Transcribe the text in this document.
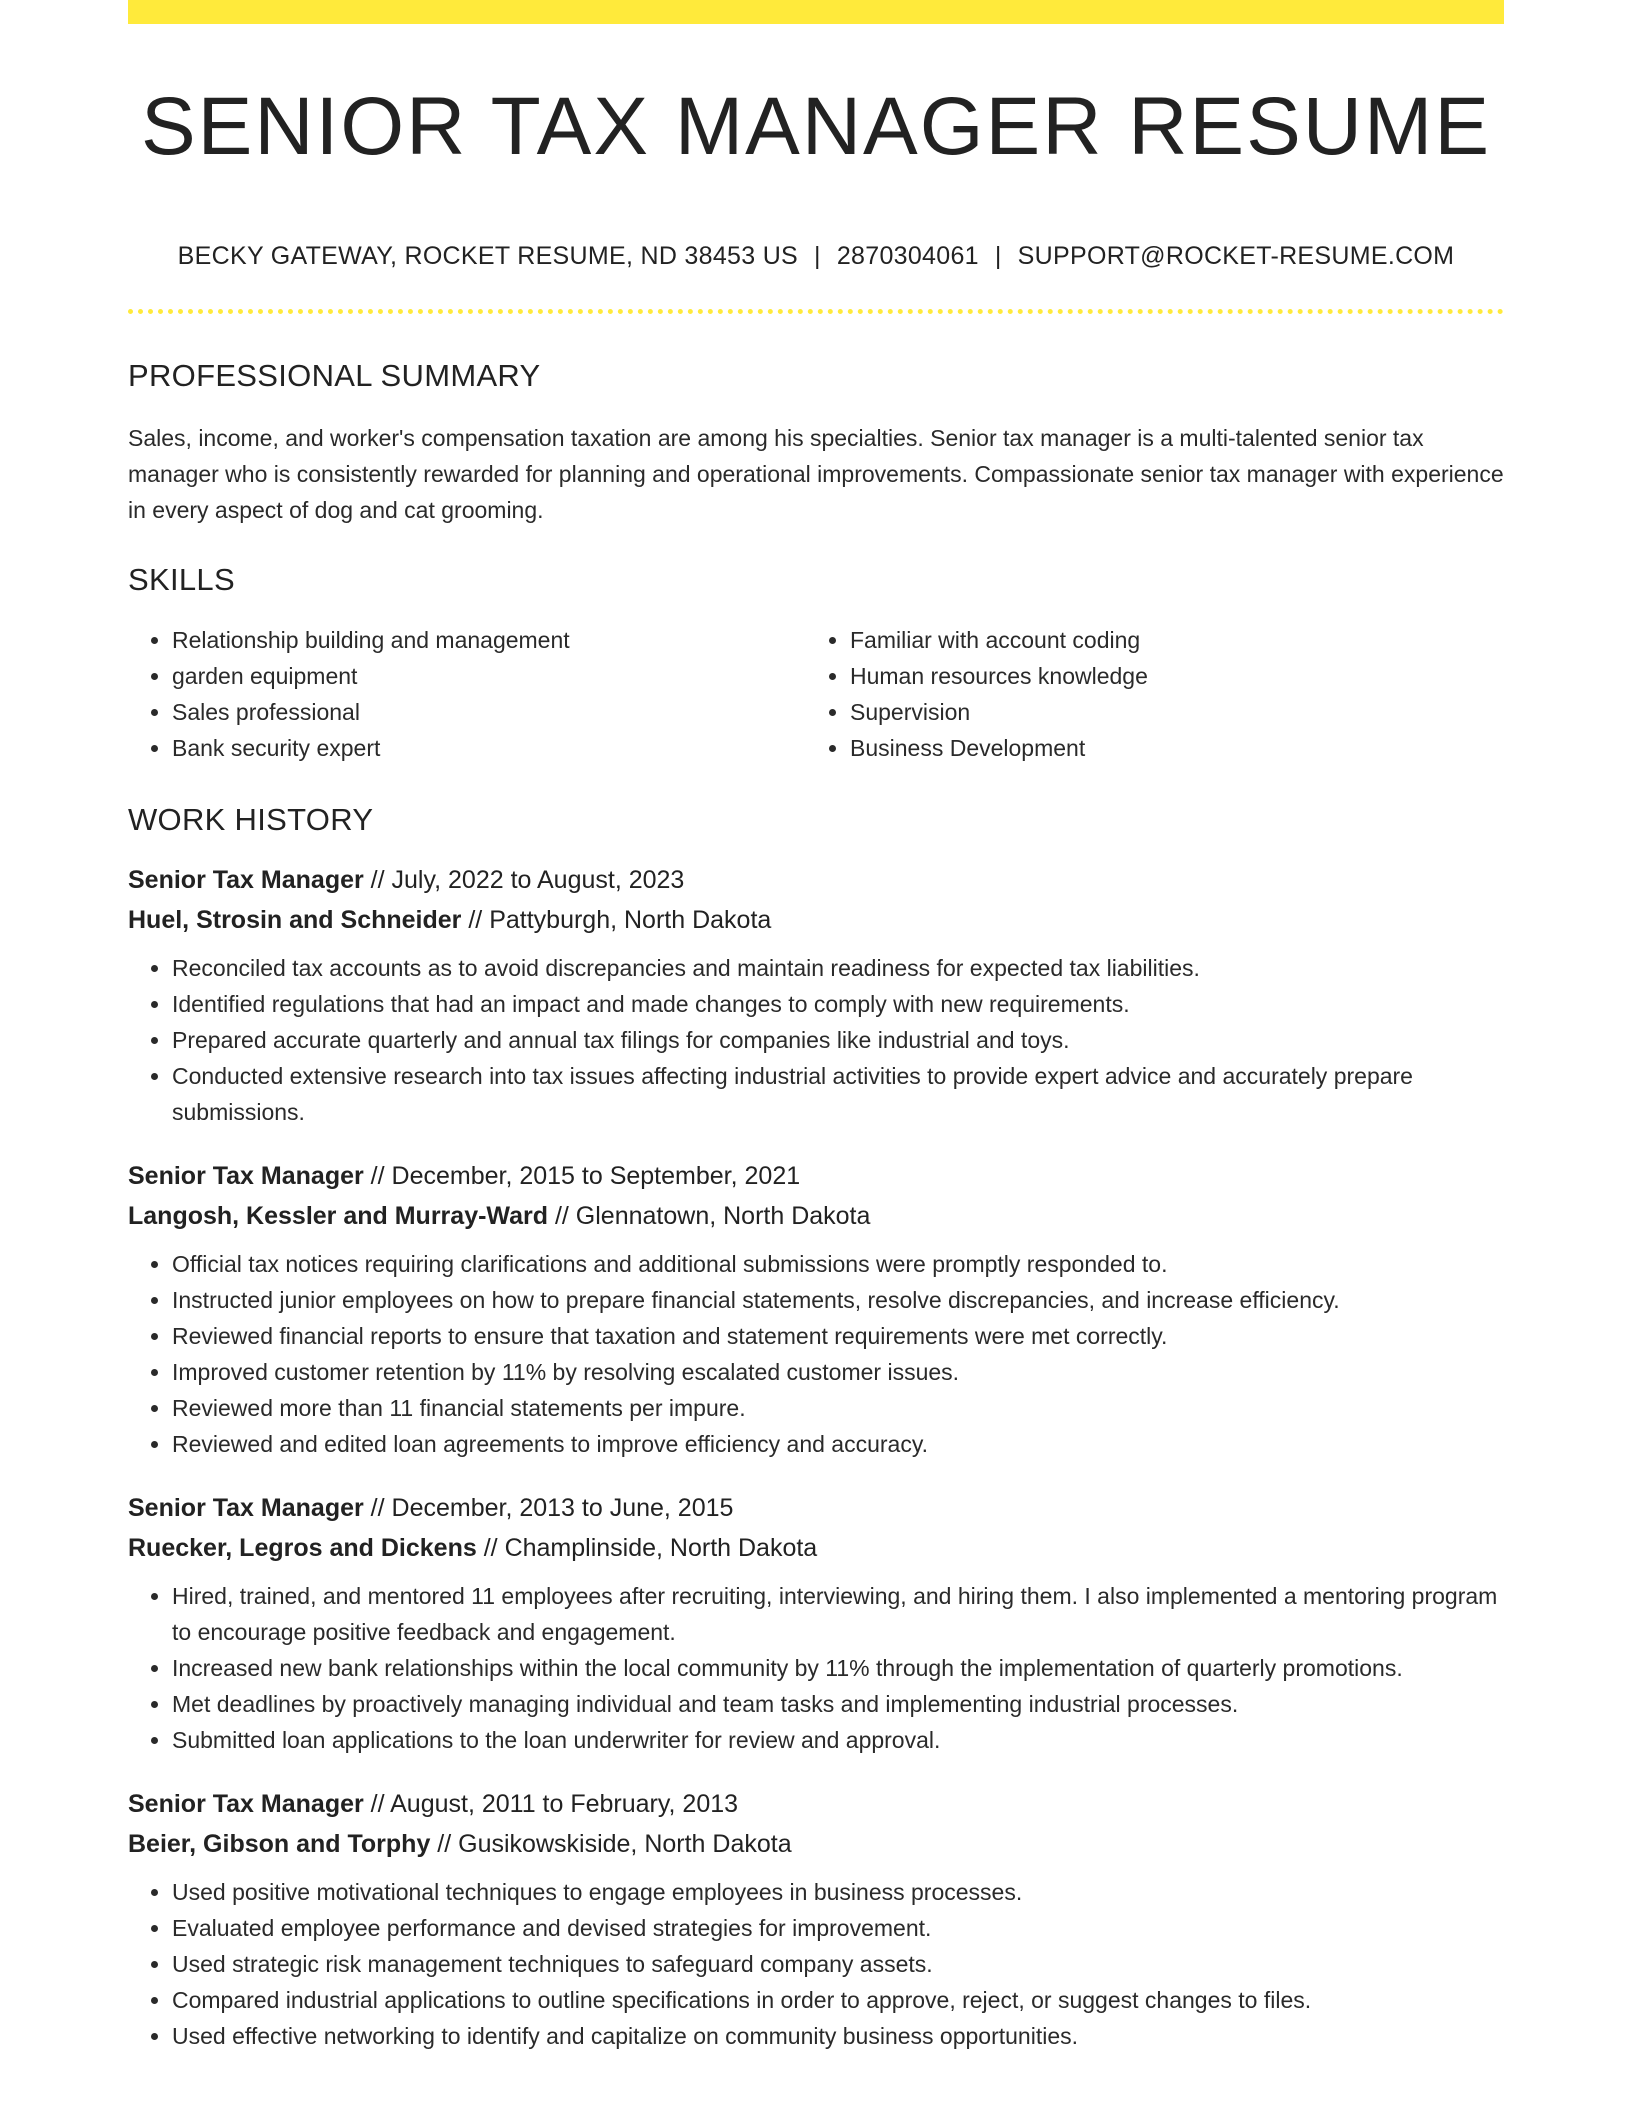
SENIOR TAX MANAGER RESUME
BECKY GATEWAY, ROCKET RESUME, ND 38453 US | 2870304061 | SUPPORT@ROCKET-RESUME.COM
PROFESSIONAL SUMMARY

Sales, income, and worker's compensation taxation are among his specialties. Senior tax manager is a multi-talented senior tax manager who is consistently rewarded for planning and operational improvements. Compassionate senior tax manager with experience in every aspect of dog and cat grooming.

SKILLS
• Relationship building and management
• garden equipment
• Sales professional
• Bank security expert
• Familiar with account coding
• Human resources knowledge
• Supervision
• Business Development
WORK HISTORY
Senior Tax Manager // July, 2022 to August, 2023
Huel, Strosin and Schneider // Pattyburgh, North Dakota
• Reconciled tax accounts as to avoid discrepancies and maintain readiness for expected tax liabilities.
• Identified regulations that had an impact and made changes to comply with new requirements.
• Prepared accurate quarterly and annual tax filings for companies like industrial and toys.
• Conducted extensive research into tax issues affecting industrial activities to provide expert advice and accurately prepare submissions.
Senior Tax Manager // December, 2015 to September, 2021
Langosh, Kessler and Murray-Ward // Glennatown, North Dakota
• Official tax notices requiring clarifications and additional submissions were promptly responded to.
• Instructed junior employees on how to prepare financial statements, resolve discrepancies, and increase efficiency.
• Reviewed financial reports to ensure that taxation and statement requirements were met correctly.
• Improved customer retention by 11% by resolving escalated customer issues.
• Reviewed more than 11 financial statements per impure.
• Reviewed and edited loan agreements to improve efficiency and accuracy.
Senior Tax Manager // December, 2013 to June, 2015
Ruecker, Legros and Dickens // Champlinside, North Dakota
• Hired, trained, and mentored 11 employees after recruiting, interviewing, and hiring them. I also implemented a mentoring program to encourage positive feedback and engagement.
• Increased new bank relationships within the local community by 11% through the implementation of quarterly promotions.
• Met deadlines by proactively managing individual and team tasks and implementing industrial processes.
• Submitted loan applications to the loan underwriter for review and approval.
Senior Tax Manager // August, 2011 to February, 2013
Beier, Gibson and Torphy // Gusikowskiside, North Dakota
• Used positive motivational techniques to engage employees in business processes.
• Evaluated employee performance and devised strategies for improvement.
• Used strategic risk management techniques to safeguard company assets.
• Compared industrial applications to outline specifications in order to approve, reject, or suggest changes to files.
• Used effective networking to identify and capitalize on community business opportunities.
